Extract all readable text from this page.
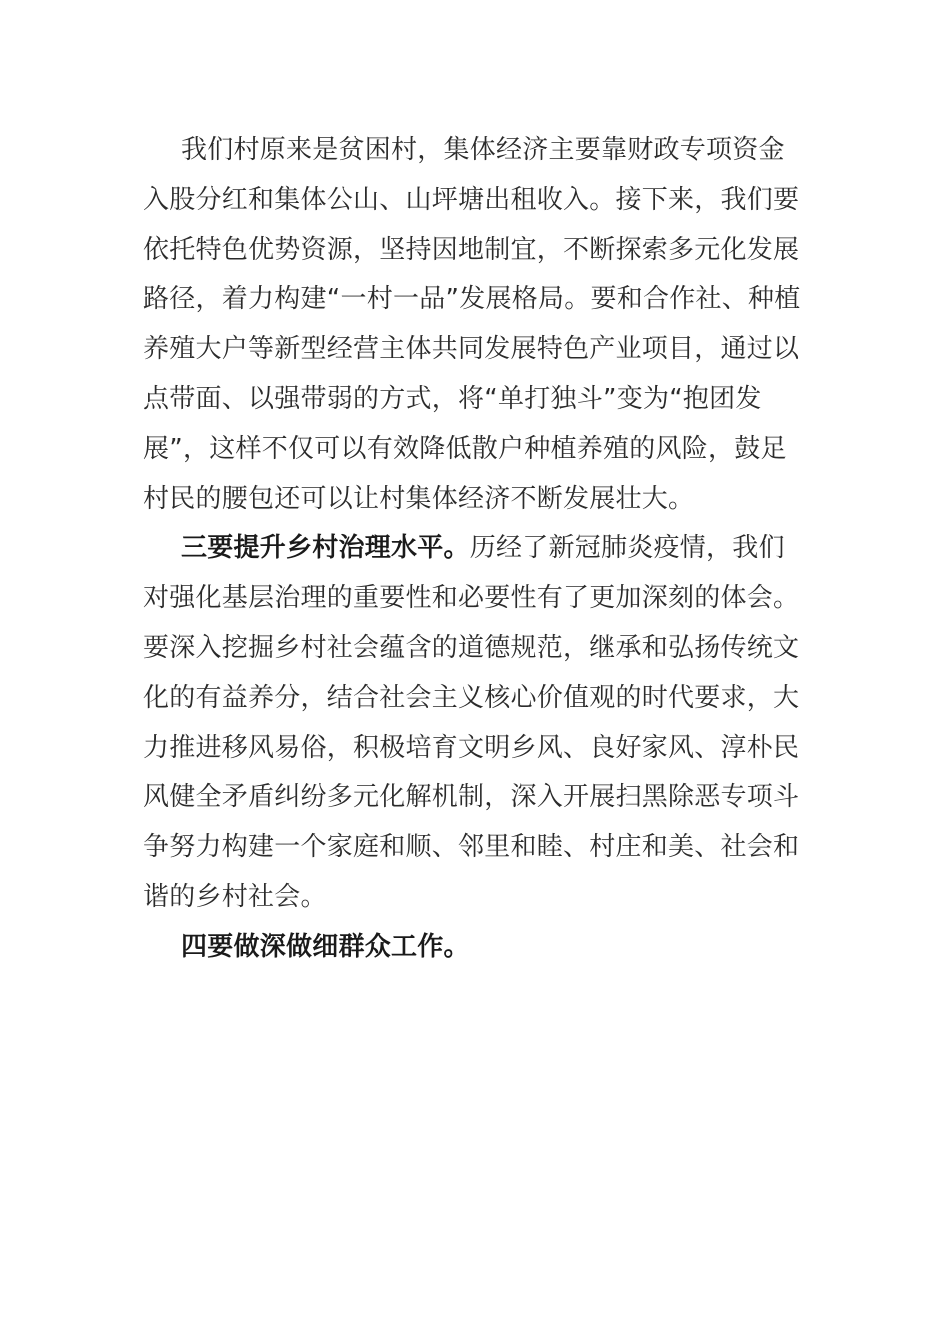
我们村原来是贫困村，集体经济主要靠财政专项资金入股分红和集体公山、山坪塘出租收入。接下来，我们要依托特色优势资源，坚持因地制宜，不断探索多元化发展路径，着力构建“一村一品”发展格局。要和合作社、种植养殖大户等新型经营主体共同发展特色产业项目，通过以点带面、以强带弱的方式，将“单打独斗”变为“抱团发展”，这样不仅可以有效降低散户种植养殖的风险，鼓足村民的腰包还可以让村集体经济不断发展壮大。

三要提升乡村治理水平。历经了新冠肺炎疫情，我们对强化基层治理的重要性和必要性有了更加深刻的体会。要深入挖掘乡村社会蕴含的道德规范，继承和弘扬传统文化的有益养分，结合社会主义核心价值观的时代要求，大力推进移风易俗，积极培育文明乡风、良好家风、淳朴民风健全矛盾纠纷多元化解机制，深入开展扫黑除恶专项斗争努力构建一个家庭和顺、邻里和睦、村庄和美、社会和谐的乡村社会。

四要做深做细群众工作。
